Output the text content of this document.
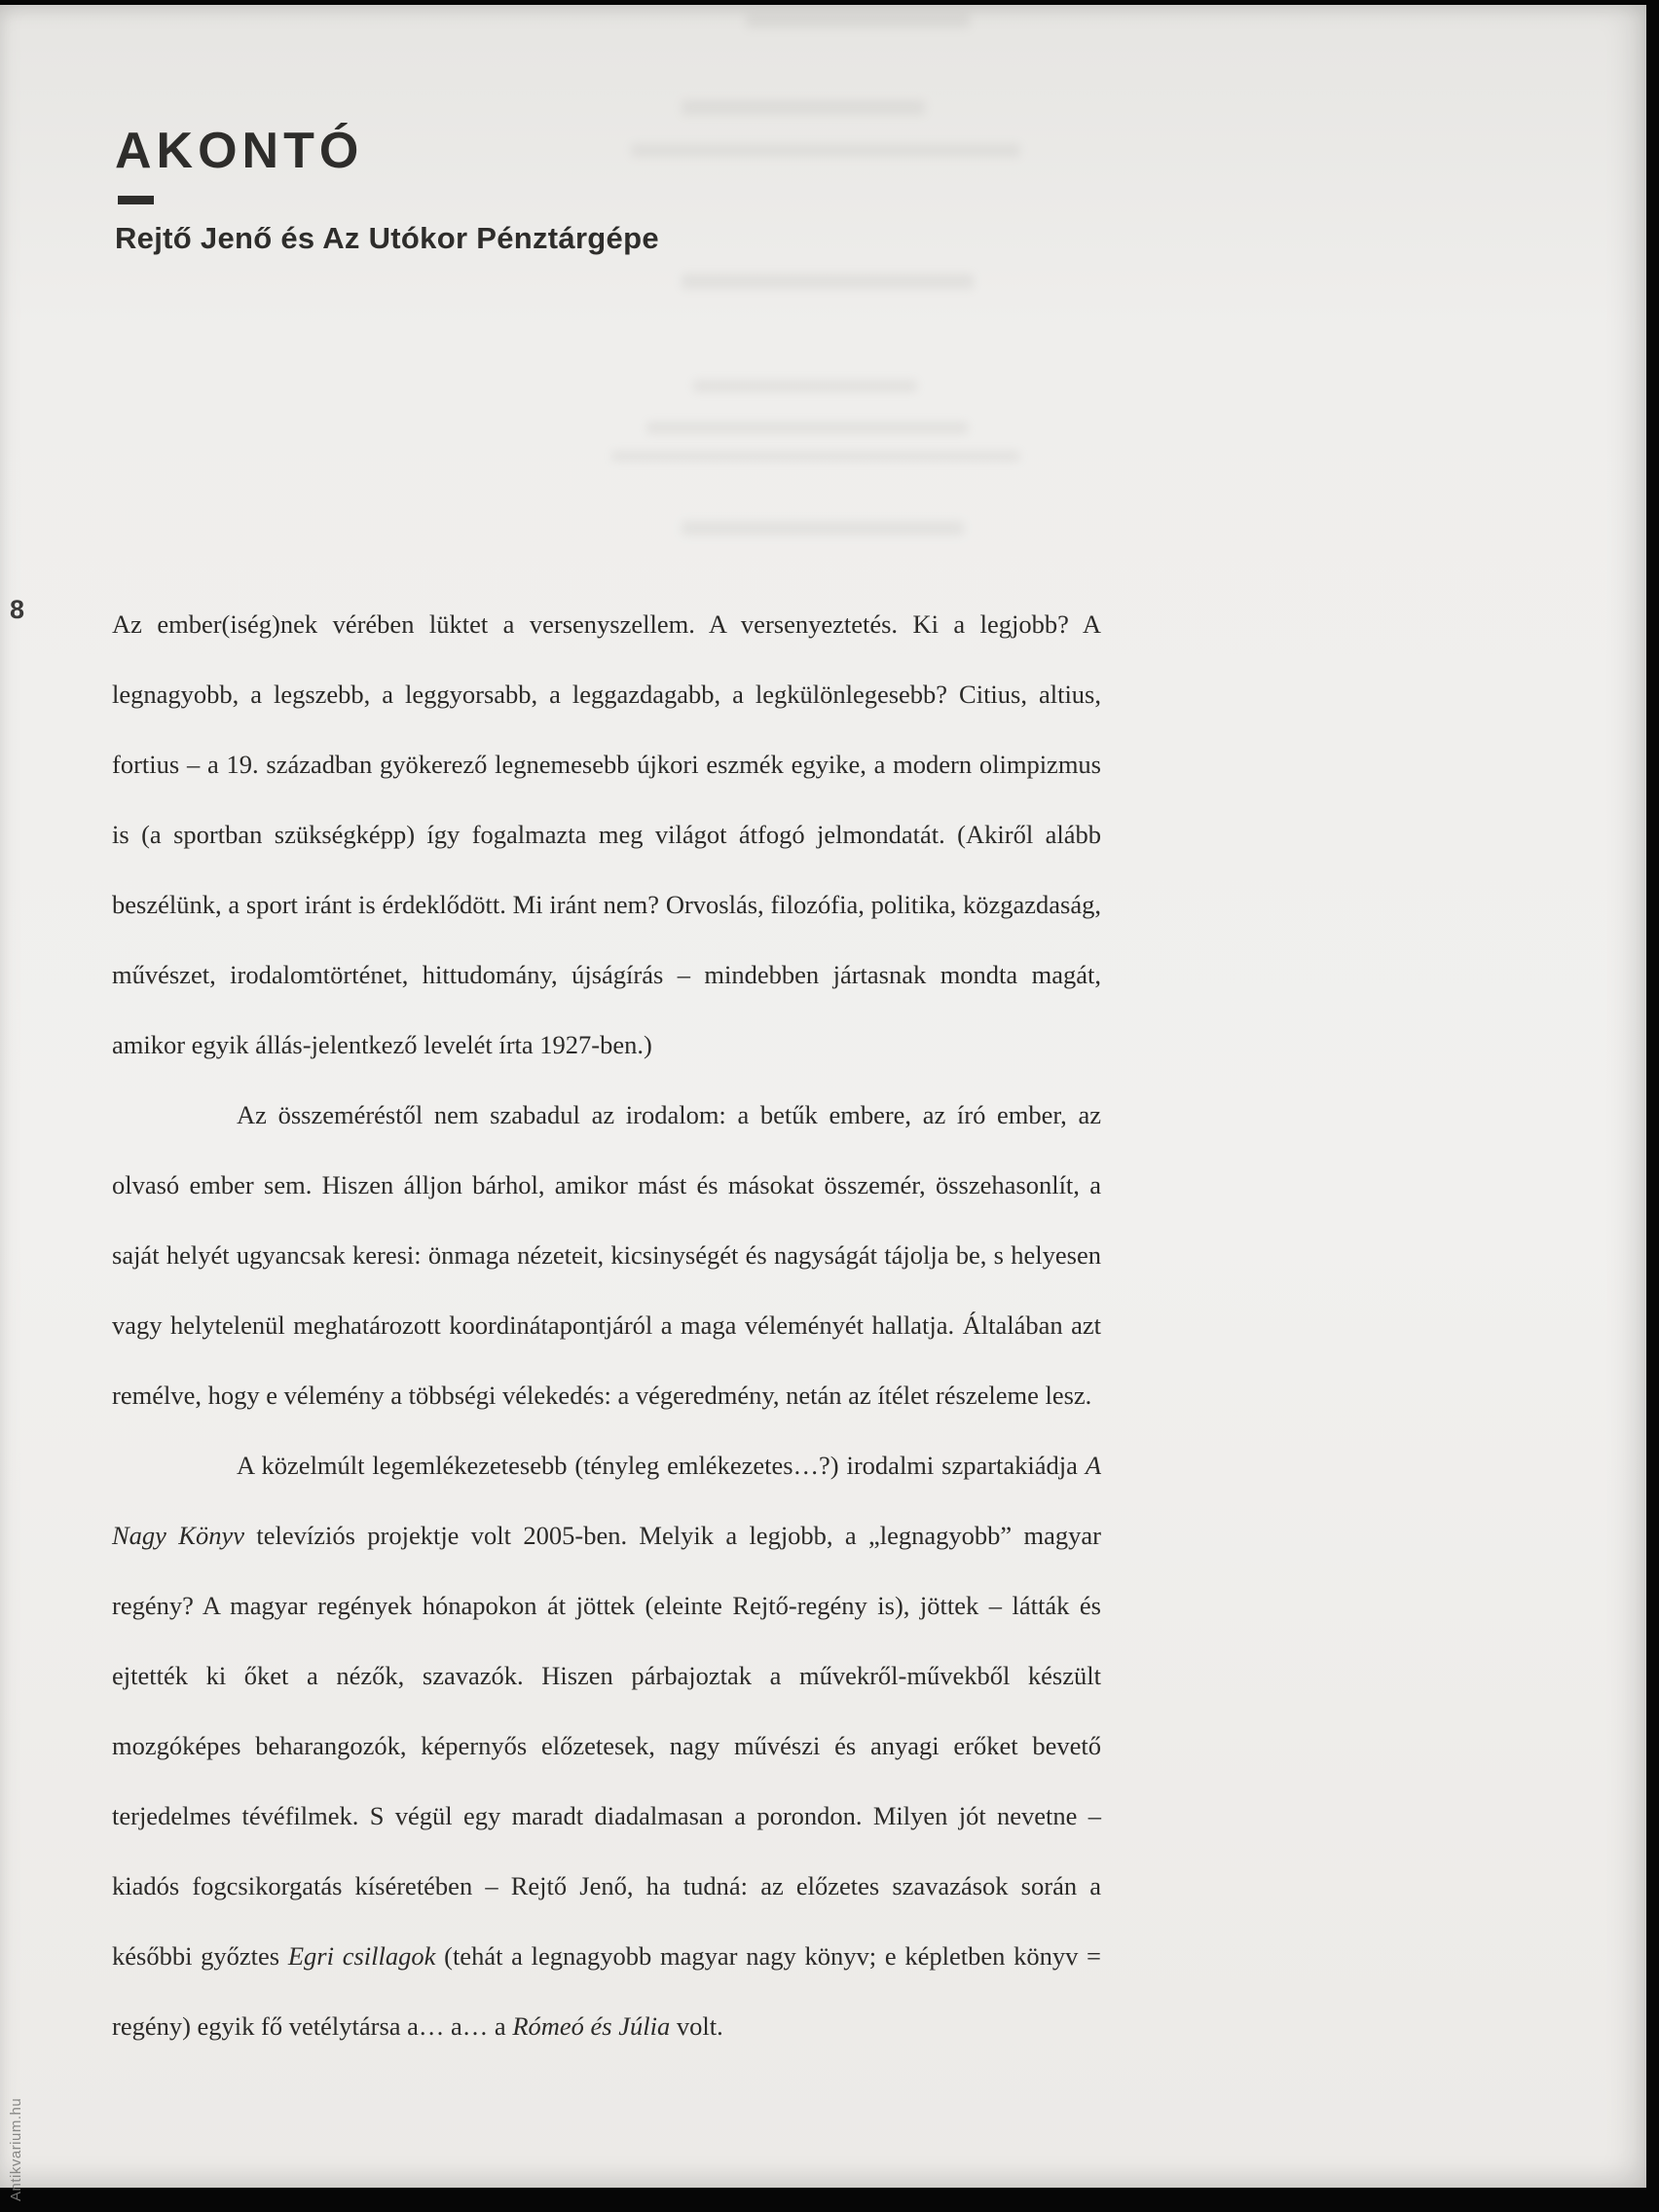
AKONTÓ
Rejtő Jenő és Az Utókor Pénztárgépe
8	Az ember(iség)nek vérében lüktet a versenyszellem. A versenyeztetés. Ki a legjobb? A legnagyobb, a legszebb, a leggyorsabb, a leggazdagabb, a legkülönlegesebb? Citius, altius, fortius – a 19. században gyökerező legnemesebb újkori eszmék egyike, a modern olimpizmus is (a sportban szükségképp) így fogalmazta meg világot átfogó jelmondatát. (Akiről alább beszélünk, a sport iránt is érdeklődött. Mi iránt nem? Orvoslás, filozófia, politika, közgazdaság, művészet, irodalomtörténet, hittudomány, újságírás – mindebben jártasnak mondta magát, amikor egyik állás-jelentkező levelét írta 1927-ben.)

Az összeméréstől nem szabadul az irodalom: a betűk embere, az író ember, az olvasó ember sem. Hiszen álljon bárhol, amikor mást és másokat összemér, összehasonlít, a saját helyét ugyancsak keresi: önmaga nézeteit, kicsinységét és nagyságát tájolja be, s helyesen vagy helytelenül meghatározott koordinátapontjáról a maga véleményét hallatja. Általában azt remélve, hogy e vélemény a többségi vélekedés: a végeredmény, netán az ítélet részeleme lesz.

A közelmúlt legemlékezetesebb (tényleg emlékezetes…?) irodalmi szpartakiádja A Nagy Könyv televíziós projektje volt 2005-ben. Melyik a legjobb, a „legnagyobb” magyar regény? A magyar regények hónapokon át jöttek (eleinte Rejtő-regény is), jöttek – látták és ejtették ki őket a nézők, szavazók. Hiszen párbajoztak a művekről-művekből készült mozgóképes beharangozók, képernyős előzetesek, nagy művészi és anyagi erőket bevető terjedelmes tévéfilmek. S végül egy maradt diadalmasan a porondon. Milyen jót nevetne – kiadós fogcsikorgatás kíséretében – Rejtő Jenő, ha tudná: az előzetes szavazások során a későbbi győztes Egri csillagok (tehát a legnagyobb magyar nagy könyv; e képletben könyv = regény) egyik fő vetélytársa a… a… a Rómeó és Júlia volt.

Antikvarium.hu
